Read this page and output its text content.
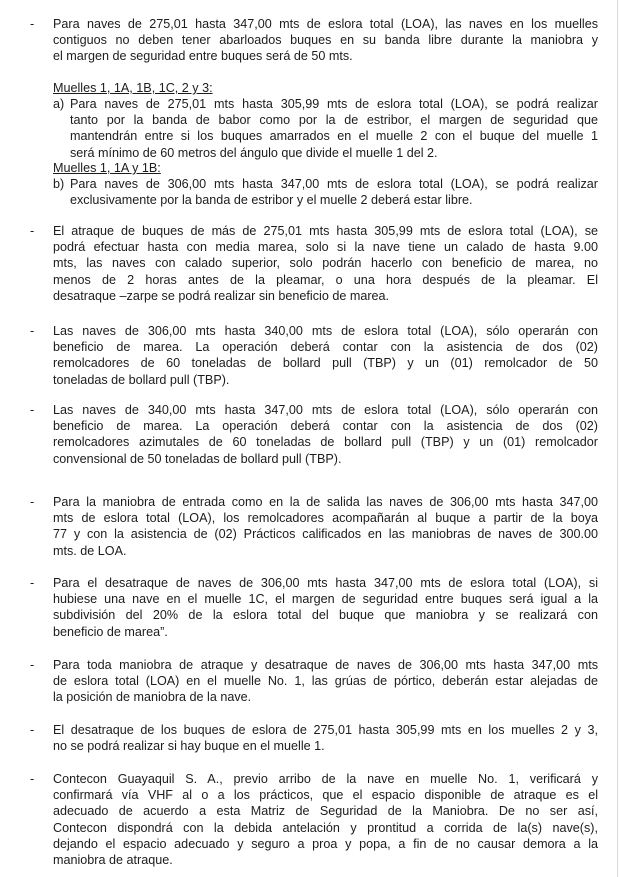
-	Para naves de 275,01 hasta 347,00 mts de eslora total (LOA), las naves en los muelles
contiguos no deben tener abarloados buques en su banda libre durante la maniobra y
el margen de seguridad entre buques será de 50 mts.
Muelles 1, 1A, 1B, 1C, 2 y 3:
a) Para naves de 275,01 mts hasta 305,99 mts de eslora total (LOA), se podrá realizar
tanto por la banda de babor como por la de estribor, el margen de seguridad que
mantendrán entre si los buques amarrados en el muelle 2 con el buque del muelle 1
será mínimo de 60 metros del ángulo que divide el muelle 1 del 2.
Muelles 1, 1A y 1B:
b) Para naves de 306,00 mts hasta 347,00 mts de eslora total (LOA), se podrá realizar
exclusivamente por la banda de estribor y el muelle 2 deberá estar libre.
-	El atraque de buques de más de 275,01 mts hasta 305,99 mts de eslora total (LOA), se
podrá efectuar hasta con media marea, solo si la nave tiene un calado de hasta 9.00
mts, las naves con calado superior, solo podrán hacerlo con beneficio de marea, no
menos de 2 horas antes de la pleamar, o una hora después de la pleamar. El
desatraque –zarpe se podrá realizar sin beneficio de marea.
-	Las naves de 306,00 mts hasta 340,00 mts de eslora total (LOA), sólo operarán con
beneficio de marea. La operación deberá contar con la asistencia de dos (02)
remolcadores de 60 toneladas de bollard pull (TBP) y un (01) remolcador de 50
toneladas de bollard pull (TBP).
-	Las naves de 340,00 mts hasta 347,00 mts de eslora total (LOA), sólo operarán con
beneficio de marea. La operación deberá contar con la asistencia de dos (02)
remolcadores azimutales de 60 toneladas de bollard pull (TBP) y un (01) remolcador
convensional de 50 toneladas de bollard pull (TBP).
-	Para la maniobra de entrada como en la de salida las naves de 306,00 mts hasta 347,00
mts de eslora total (LOA), los remolcadores acompañarán al buque a partir de la boya
77 y con la asistencia de (02) Prácticos calificados en las maniobras de naves de 300.00
mts. de LOA.
-	Para el desatraque de naves de 306,00 mts hasta 347,00 mts de eslora total (LOA), si
hubiese una nave en el muelle 1C, el margen de seguridad entre buques será igual a la
subdivisión del 20% de la eslora total del buque que maniobra y se realizará con
beneficio de marea”.
-	Para toda maniobra de atraque y desatraque de naves de 306,00 mts hasta 347,00 mts
de eslora total (LOA) en el muelle No. 1, las grúas de pórtico, deberán estar alejadas de
la posición de maniobra de la nave.
-	El desatraque de los buques de eslora de 275,01 hasta 305,99 mts en los muelles 2 y 3,
no se podrá realizar si hay buque en el muelle 1.
-	Contecon Guayaquil S. A., previo arribo de la nave en muelle No. 1, verificará y
confirmará vía VHF al o a los prácticos, que el espacio disponible de atraque es el
adecuado de acuerdo a esta Matriz de Seguridad de la Maniobra. De no ser así,
Contecon dispondrá con la debida antelación y prontitud a corrida de la(s) nave(s),
dejando el espacio adecuado y seguro a proa y popa, a fin de no causar demora a la
maniobra de atraque.
